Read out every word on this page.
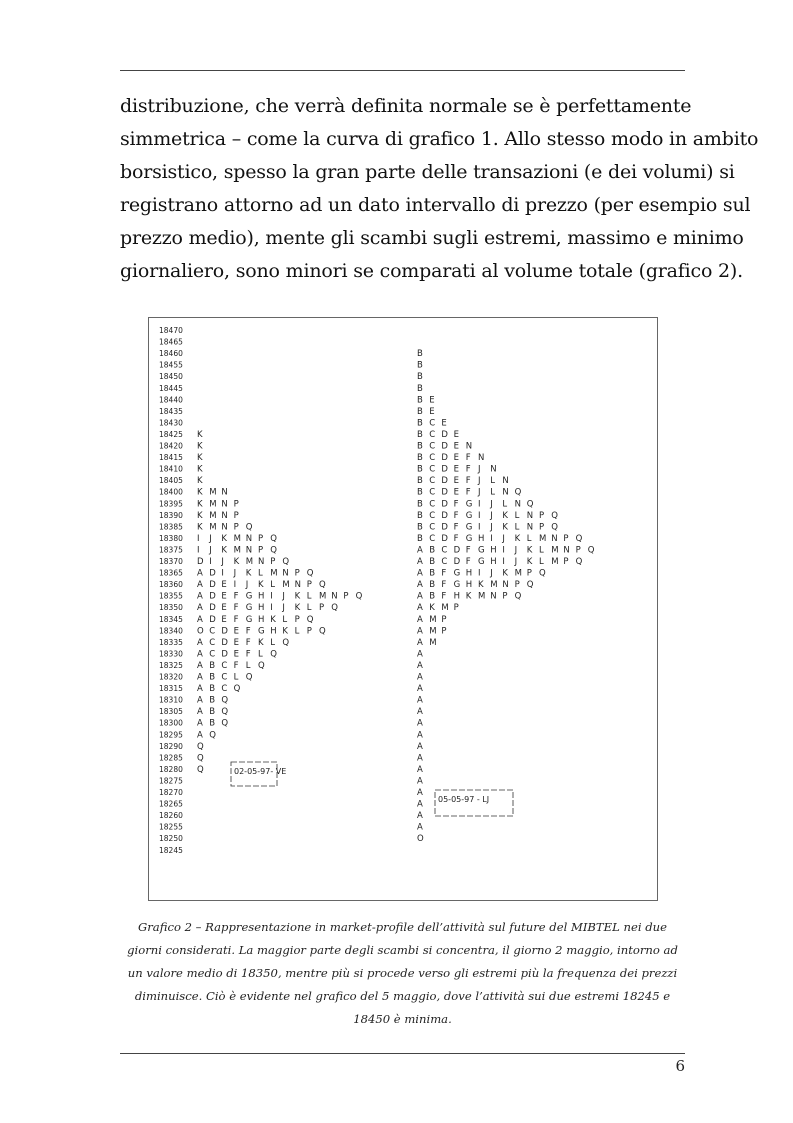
distribuzione, che verrà definita normale se è perfettamente
simmetrica – come la curva di grafico 1. Allo stesso modo in ambito
borsistico, spesso la gran parte delle transazioni (e dei volumi) si
registrano attorno ad un dato intervallo di prezzo (per esempio sul
prezzo medio), mente gli scambi sugli estremi, massimo e minimo
giornaliero, sono minori se comparati al volume totale (grafico 2).
18470
18465
18460
18455
18450
18445
18440
18435
18430
18425
18420
18415
18410
18405
18400
18395
18390
18385
18380
18375
18370
18365
18360
18355
18350
18345
18340
18335
18330
18325
18320
18315
18310
18305
18300
18295
18290
18285
18280
18275
18270
18265
18260
18255
18250
18245
K
K
K
K
K
K M N
K M N P
K M N P
K M N P Q
I J K M N P Q
I J K M N P Q
D I J K M N P Q
A D I J K L M N P Q
A D E I J K L M N P Q
A D E F G H I J K L M N P Q
A D E F G H I J K L P Q
A D E F G H K L P Q
O C D E F G H K L P Q
A C D E F K L Q
A C D E F L Q
A B C F L Q
A B C L Q
A B C Q
A B Q
A B Q
A B Q
A Q
Q
Q
Q
B
B
B
B
B E
B E
B C E
B C D E
B C D E N
B C D E F N
B C D E F J N
B C D E F J L N
B C D E F J L N Q
B C D F G I J L N Q
B C D F G I J K L N P Q
B C D F G I J K L N P Q
B C D F G H I J K L M N P Q
A B C D F G H I J K L M N P Q
A B C D F G H I J K L M P Q
A B F G H I J K M P Q
A B F G H K M N P Q
A B F H K M N P Q
A K M P
A M P
A M P
A M
A
A
A
A
A
A
A
A
A
A
A
A
A
A
A
A
O
02-05-97- VE
05-05-97 - LJ
Grafico 2 – Rappresentazione in market-profile dell’attività sul future del MIBTEL nei due giorni considerati. La maggior parte degli scambi si concentra, il giorno 2 maggio, intorno ad un valore medio di 18350, mentre più si procede verso gli estremi più la frequenza dei prezzi diminuisce. Ciò è evidente nel grafico del 5 maggio, dove l’attività sui due estremi 18245 e 18450 è minima.
6
